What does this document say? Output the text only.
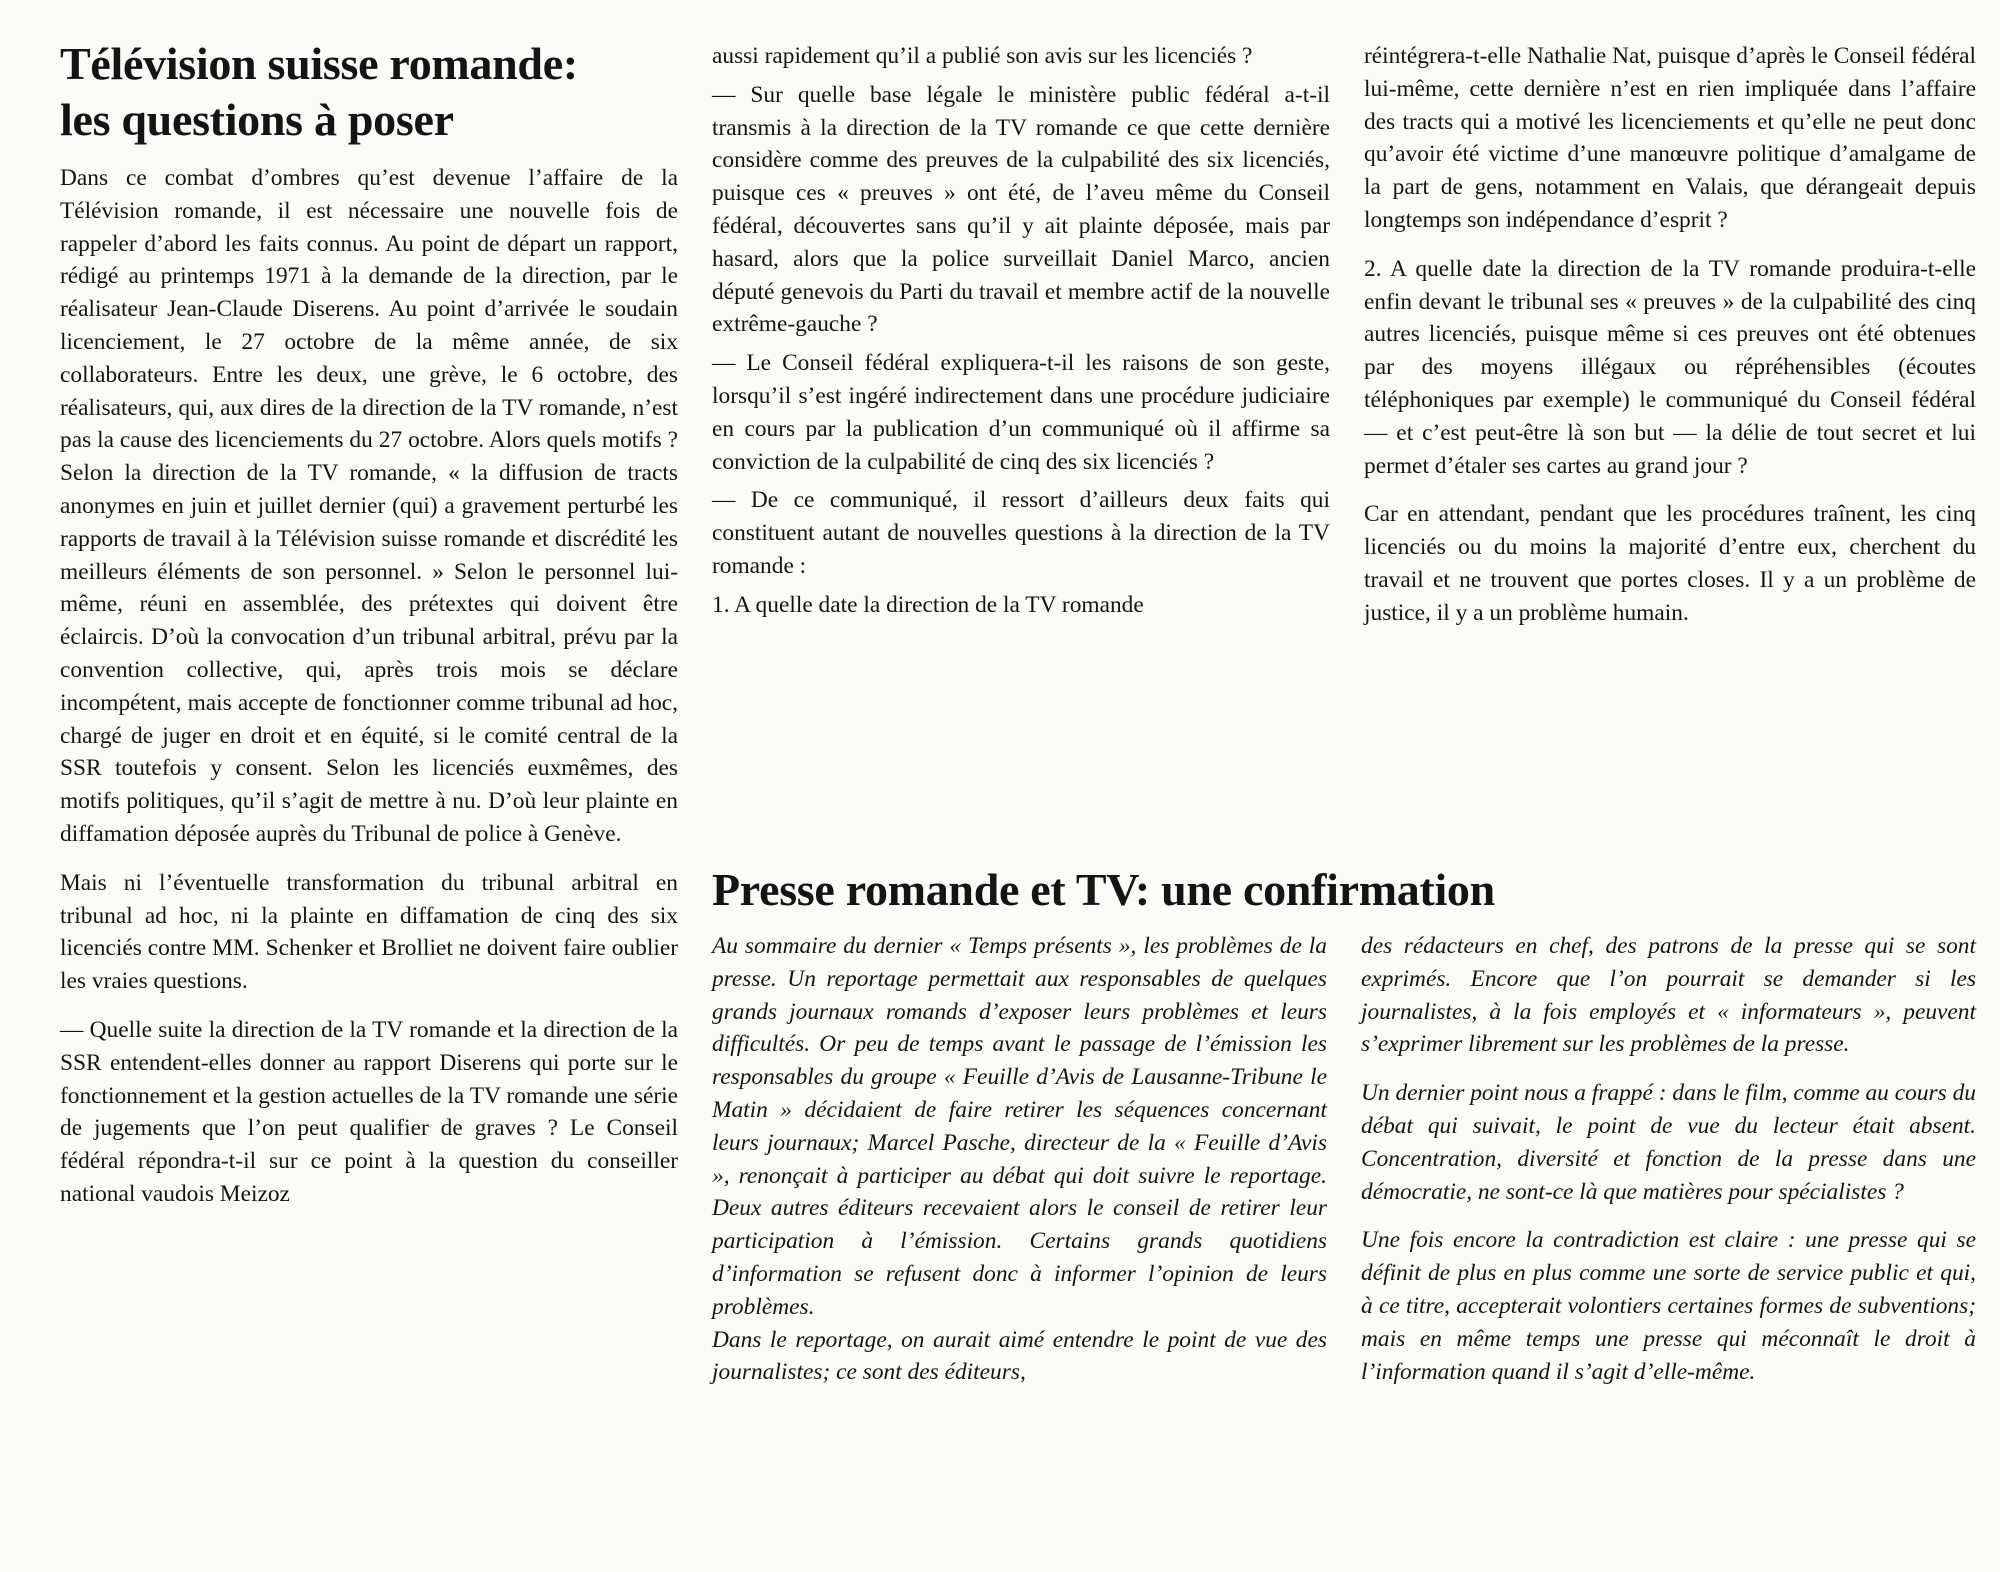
Télévision suisse romande:
les questions à poser

Dans ce combat d’ombres qu’est devenue l’affaire de la Télévision romande, il est nécessaire une nouvelle fois de rappeler d’abord les faits connus. Au point de départ un rapport, rédigé au printemps 1971 à la demande de la direction, par le réalisateur Jean-Claude Diserens. Au point d’arrivée le soudain licenciement, le 27 octobre de la même année, de six collaborateurs. Entre les deux, une grève, le 6 octobre, des réalisateurs, qui, aux dires de la direction de la TV romande, n’est pas la cause des licenciements du 27 octobre. Alors quels motifs ? Selon la direction de la TV romande, « la diffusion de tracts anonymes en juin et juillet dernier (qui) a gravement perturbé les rapports de travail à la Télévision suisse romande et discrédité les meilleurs éléments de son personnel. » Selon le personnel lui-même, réuni en assemblée, des prétextes qui doivent être éclaircis. D’où la convocation d’un tribunal arbitral, prévu par la convention collective, qui, après trois mois se déclare incompétent, mais accepte de fonctionner comme tribunal ad hoc, chargé de juger en droit et en équité, si le comité central de la SSR toutefois y consent. Selon les licenciés euxmêmes, des motifs politiques, qu’il s’agit de mettre à nu. D’où leur plainte en diffamation déposée auprès du Tribunal de police à Genève.

Mais ni l’éventuelle transformation du tribunal arbitral en tribunal ad hoc, ni la plainte en diffamation de cinq des six licenciés contre MM. Schenker et Brolliet ne doivent faire oublier les vraies questions.

— Quelle suite la direction de la TV romande et la direction de la SSR entendent-elles donner au rapport Diserens qui porte sur le fonctionnement et la gestion actuelles de la TV romande une série de jugements que l’on peut qualifier de graves ? Le Conseil fédéral répondra-t-il sur ce point à la question du conseiller national vaudois Meizoz

aussi rapidement qu’il a publié son avis sur les licenciés ?

— Sur quelle base légale le ministère public fédéral a-t-il transmis à la direction de la TV romande ce que cette dernière considère comme des preuves de la culpabilité des six licenciés, puisque ces « preuves » ont été, de l’aveu même du Conseil fédéral, découvertes sans qu’il y ait plainte déposée, mais par hasard, alors que la police surveillait Daniel Marco, ancien député genevois du Parti du travail et membre actif de la nouvelle extrême-gauche ?

— Le Conseil fédéral expliquera-t-il les raisons de son geste, lorsqu’il s’est ingéré indirectement dans une procédure judiciaire en cours par la publication d’un communiqué où il affirme sa conviction de la culpabilité de cinq des six licenciés ?

— De ce communiqué, il ressort d’ailleurs deux faits qui constituent autant de nouvelles questions à la direction de la TV romande :

1. A quelle date la direction de la TV romande

réintégrera-t-elle Nathalie Nat, puisque d’après le Conseil fédéral lui-même, cette dernière n’est en rien impliquée dans l’affaire des tracts qui a motivé les licenciements et qu’elle ne peut donc qu’avoir été victime d’une manœuvre politique d’amalgame de la part de gens, notamment en Valais, que dérangeait depuis longtemps son indépendance d’esprit ?

2. A quelle date la direction de la TV romande produira-t-elle enfin devant le tribunal ses « preuves » de la culpabilité des cinq autres licenciés, puisque même si ces preuves ont été obtenues par des moyens illégaux ou répréhensibles (écoutes téléphoniques par exemple) le communiqué du Conseil fédéral — et c’est peut-être là son but — la délie de tout secret et lui permet d’étaler ses cartes au grand jour ?

Car en attendant, pendant que les procédures traînent, les cinq licenciés ou du moins la majorité d’entre eux, cherchent du travail et ne trouvent que portes closes. Il y a un problème de justice, il y a un problème humain.

Presse romande et TV: une confirmation

Au sommaire du dernier « Temps présents », les problèmes de la presse. Un reportage permettait aux responsables de quelques grands journaux romands d’exposer leurs problèmes et leurs difficultés. Or peu de temps avant le passage de l’émission les responsables du groupe « Feuille d’Avis de Lausanne-Tribune le Matin » décidaient de faire retirer les séquences concernant leurs journaux; Marcel Pasche, directeur de la « Feuille d’Avis », renonçait à participer au débat qui doit suivre le reportage. Deux autres éditeurs recevaient alors le conseil de retirer leur participation à l’émission. Certains grands quotidiens d’information se refusent donc à informer l’opinion de leurs problèmes.

Dans le reportage, on aurait aimé entendre le point de vue des journalistes; ce sont des éditeurs,

des rédacteurs en chef, des patrons de la presse qui se sont exprimés. Encore que l’on pourrait se demander si les journalistes, à la fois employés et « informateurs », peuvent s’exprimer librement sur les problèmes de la presse.

Un dernier point nous a frappé : dans le film, comme au cours du débat qui suivait, le point de vue du lecteur était absent. Concentration, diversité et fonction de la presse dans une démocratie, ne sont-ce là que matières pour spécialistes ?

Une fois encore la contradiction est claire : une presse qui se définit de plus en plus comme une sorte de service public et qui, à ce titre, accepterait volontiers certaines formes de subventions; mais en même temps une presse qui méconnaît le droit à l’information quand il s’agit d’elle-même.
